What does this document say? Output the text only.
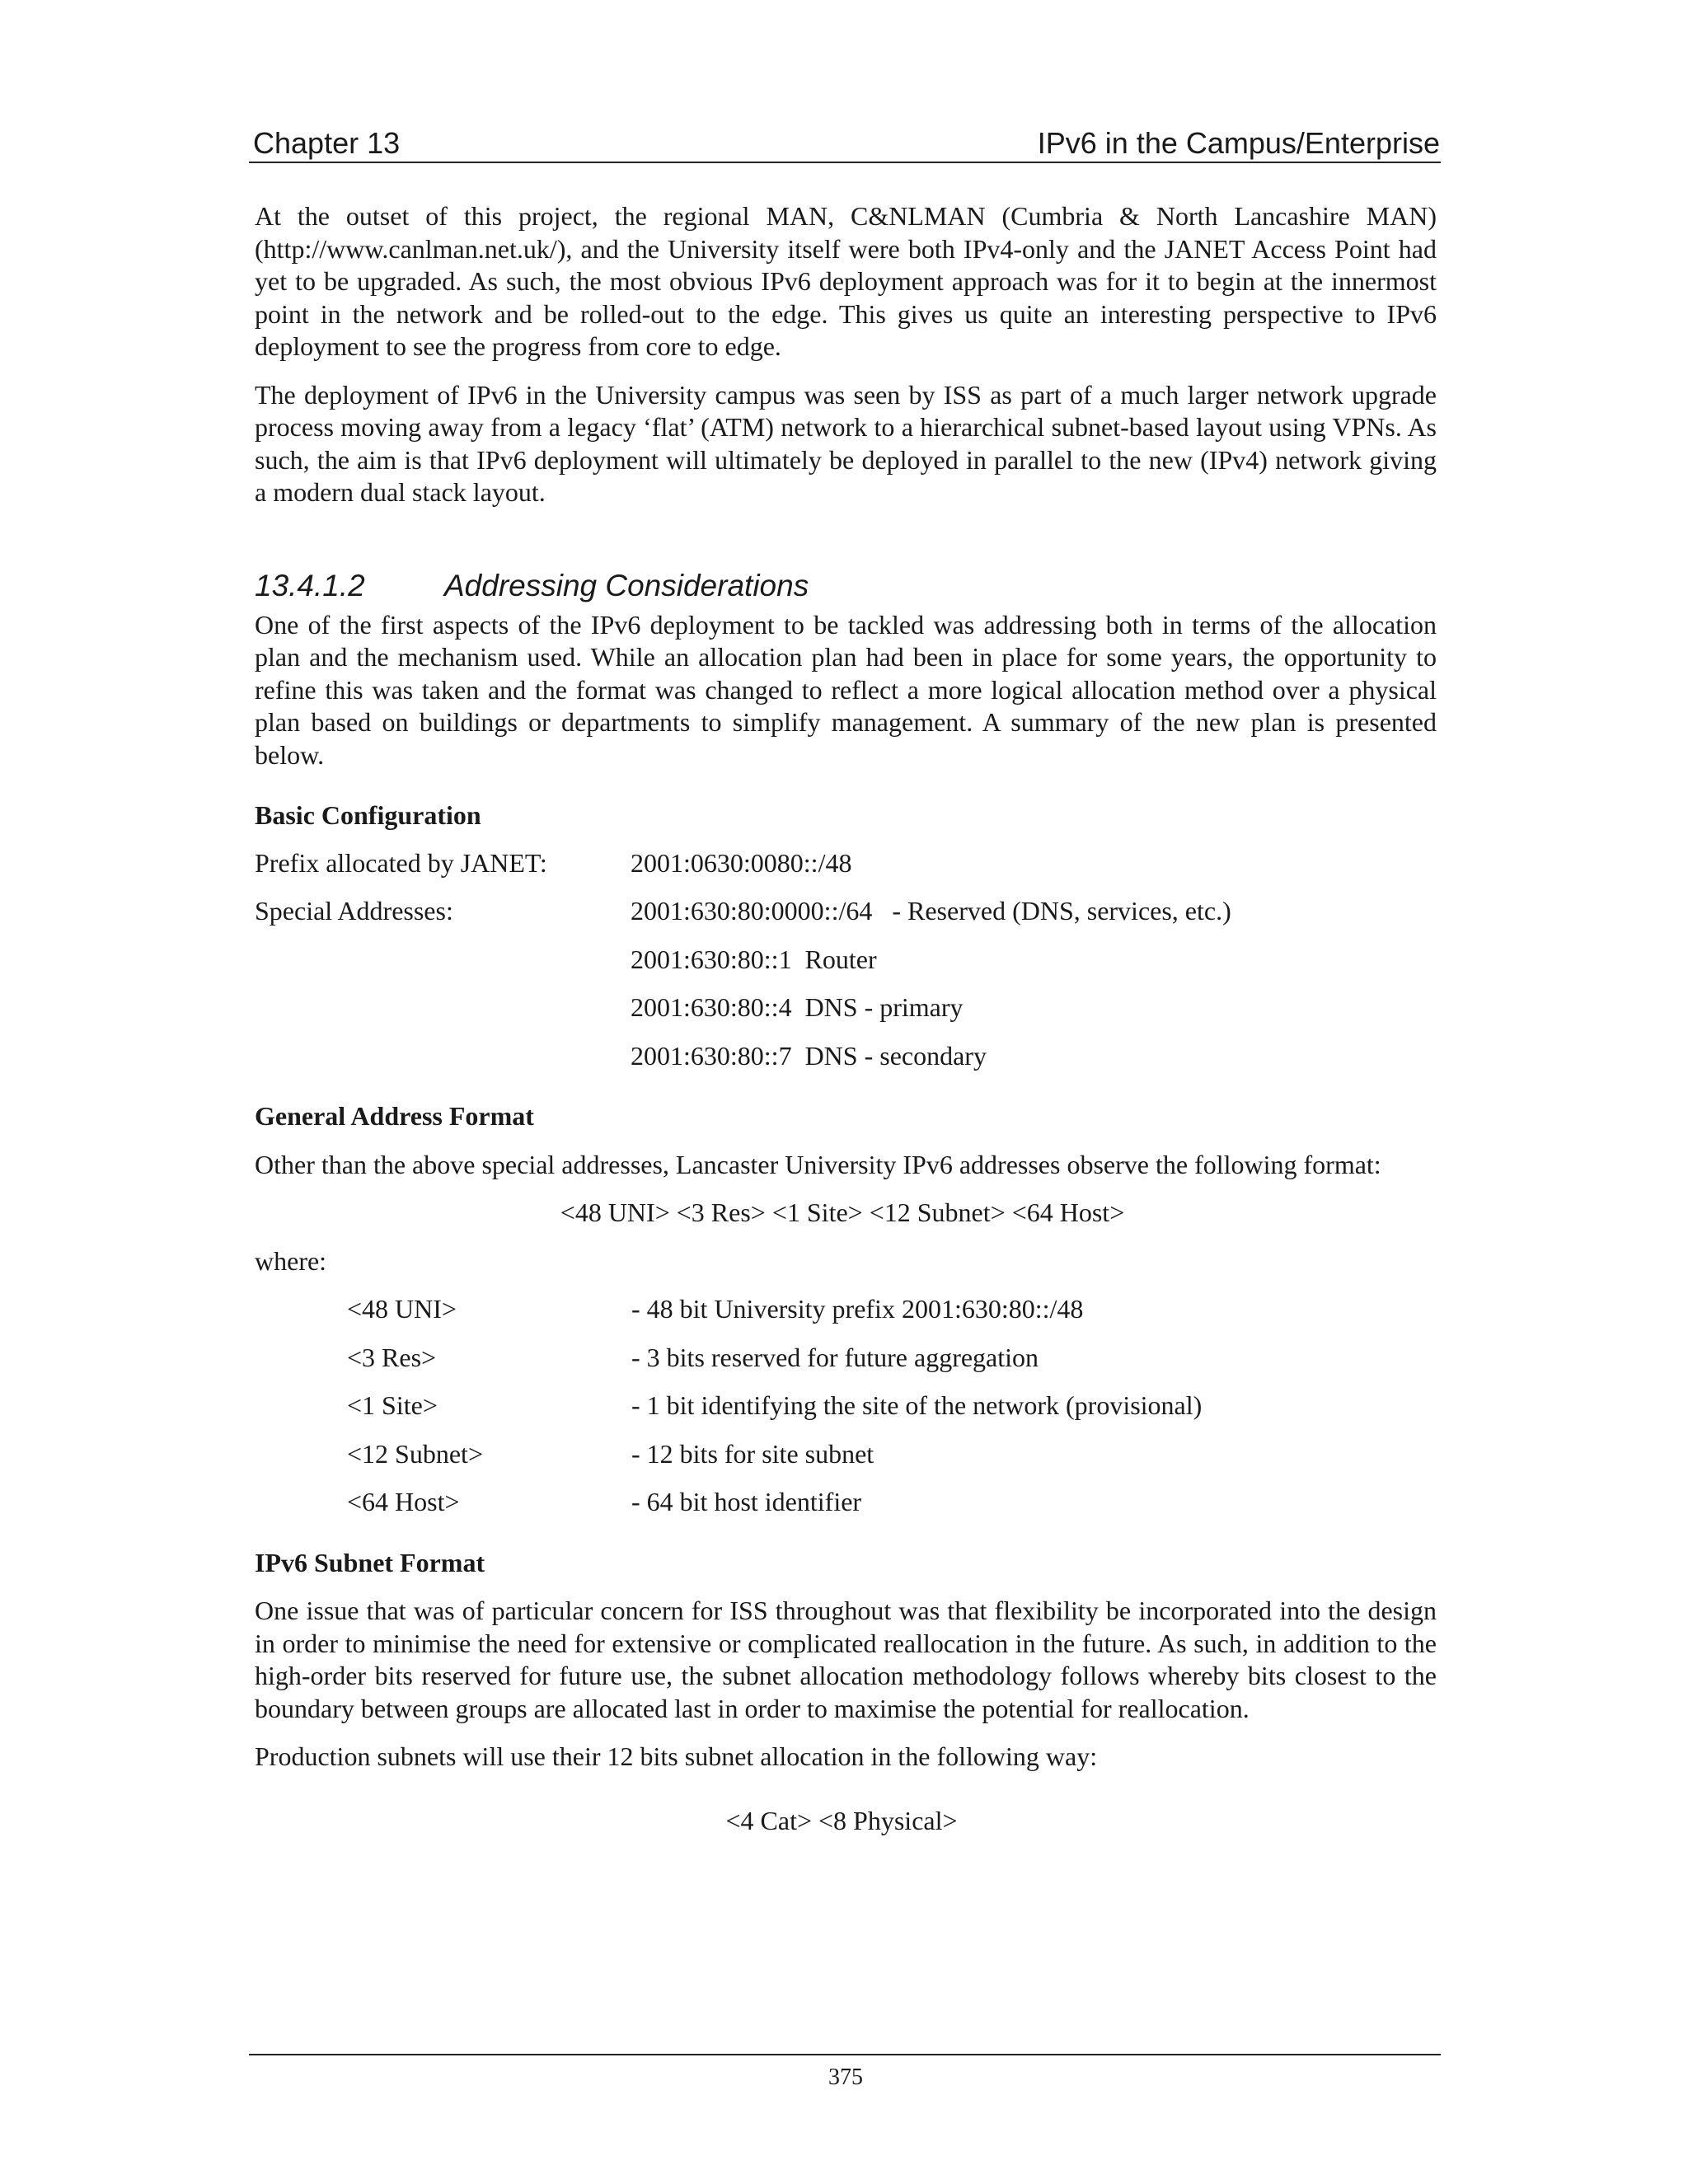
Chapter 13	IPv6 in the Campus/Enterprise

At the outset of this project, the regional MAN, C&NLMAN (Cumbria & North Lancashire MAN) (http://www.canlman.net.uk/), and the University itself were both IPv4-only and the JANET Access Point had yet to be upgraded. As such, the most obvious IPv6 deployment approach was for it to begin at the innermost point in the network and be rolled-out to the edge. This gives us quite an interesting perspective to IPv6 deployment to see the progress from core to edge.

The deployment of IPv6 in the University campus was seen by ISS as part of a much larger network upgrade process moving away from a legacy ‘flat’ (ATM) network to a hierarchical subnet-based layout using VPNs. As such, the aim is that IPv6 deployment will ultimately be deployed in parallel to the new (IPv4) network giving a modern dual stack layout.

13.4.1.2	Addressing Considerations

One of the first aspects of the IPv6 deployment to be tackled was addressing both in terms of the allocation plan and the mechanism used. While an allocation plan had been in place for some years, the opportunity to refine this was taken and the format was changed to reflect a more logical allocation method over a physical plan based on buildings or departments to simplify management. A summary of the new plan is presented below.

Basic Configuration
Prefix allocated by JANET:	2001:0630:0080::/48
Special Addresses:	2001:630:80:0000::/64   - Reserved (DNS, services, etc.)
2001:630:80::1  Router
2001:630:80::4  DNS - primary
2001:630:80::7  DNS - secondary
General Address Format

Other than the above special addresses, Lancaster University IPv6 addresses observe the following format:

<48 UNI> <3 Res> <1 Site> <12 Subnet> <64 Host>
where:
<48 UNI>	- 48 bit University prefix 2001:630:80::/48
<3 Res>	- 3 bits reserved for future aggregation
<1 Site>	- 1 bit identifying the site of the network (provisional)
<12 Subnet>	- 12 bits for site subnet
<64 Host>	- 64 bit host identifier
IPv6 Subnet Format

One issue that was of particular concern for ISS throughout was that flexibility be incorporated into the design in order to minimise the need for extensive or complicated reallocation in the future. As such, in addition to the high-order bits reserved for future use, the subnet allocation methodology follows whereby bits closest to the boundary between groups are allocated last in order to maximise the potential for reallocation.

Production subnets will use their 12 bits subnet allocation in the following way:

<4 Cat> <8 Physical>
375
